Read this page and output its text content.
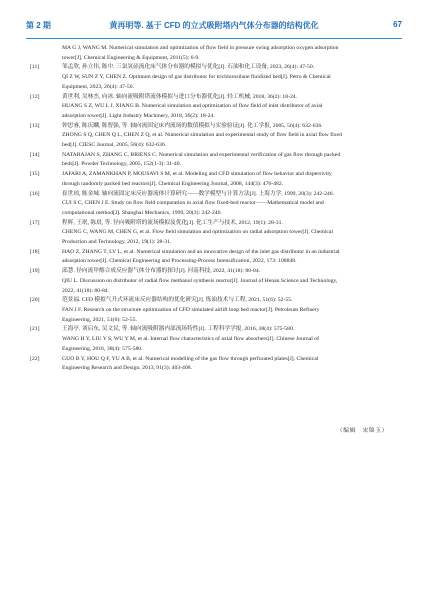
第 2 期	黄再明等. 基于 CFD 的立式吸附塔内气体分布器的结构优化	67
MA G J, WANG M. Numerical simulation and optimization of flow field in pressure swing adsorption oxygen adsorption
tower[J]. Chemical Engineering & Equipment, 2011(5): 6-9.
[11]	邹孟欣, 孙立伟, 陈中. 三氯氢硅流化床气体分布器的模拟与优化[J]. 石油和化工设备, 2023, 26(4): 47-50.
QI Z W, SUN Z Y, CHEN Z. Optimum design of gas distributor for trichlorosilane fluidized bed[J]. Petro & Chemical
Equipment, 2023, 26(4): 47-50.
[12]	黄世利, 吴林杰, 向冰. 轴向流吸附塔流体模拟与进口分布器优化[J]. 轻工机械, 2018, 36(2): 18-24.
HUANG S Z, WU L J, XIANG B. Numerical simulation and optimization of flow field of inlet distributor of axial
adsorption tower[J]. Light Industry Machinery, 2018, 36(2): 18-24.
[13]	钟思睿, 陈庆麟, 陈智强, 等. 轴向流固定床内流场的数值模拟与实验验证[J]. 化工学报, 2005, 56(4): 632-636.
ZHONG S Q, CHEN Q L, CHEN Z Q, et al. Numerical simulation and experimental study of flow field in axial flow fixed
bed[J]. CIESC Journal, 2005, 56(4): 632-636.
[14]	NATARAJAN S, ZHANG C, BRIENS C. Numerical simulation and experimental verification of gas flow through packed
beds[J]. Powder Technology, 2005, 152(1-3): 31-40.
[15]	JAFARI A, ZAMANKHAN P, MOUSAVI S M, et al. Modeling and CFD simulation of flow behavior and dispersivity
through randomly packed bed reactors[J]. Chemical Engineering Journal, 2008, 144(3): 476-482.
[16]	崔世琼, 陈金城. 轴向流固定床反应器流体计算研究——数学模型与计算方法[J]. 上海力学, 1999, 20(3): 242-246.
CUI S C, CHEN J E. Study on flow field computation in axial flow fixed-bed reactor——Mathematical model and
computational method[J]. Shanghai Mechanics, 1999, 20(3): 242-246.
[17]	程辉, 王珉, 陈晨, 等. 径向吸附塔的流场模拟及优化[J]. 化工生产与技术, 2012, 19(1): 28-31.
CHENG C, WANG M, CHEN G, et al. Flow field simulation and optimization on radial adsorption tower[J]. Chemical
Production and Technology, 2012, 19(1): 28-31.
[18]	HAO Z, ZHANG T, LV L, et al. Numerical simulation and an innovative design of the inlet gas distributor in an industrial
adsorption tower[J]. Chemical Engineering and Processing-Process Intensification, 2022, 173: 108848.
[19]	邱慧. 径向流甲醇合成反应器气体分布器的探讨[J]. 河南科技, 2022, 41(18): 80-84.
QIU L. Discussion on distributor of radial flow methanol synthesis reactor[J]. Journal of Henan Science and Technology,
2022, 41(18): 80-84.
[20]	范景福. CFD 模拟气升式环流床反应器结构的优化研究[J]. 炼油技术与工程, 2021, 51(6): 52-55.
FAN J F. Research on the structure optimization of CFD simulated airlift loop bed reactor[J]. Petroleum Refinery
Engineering, 2021, 51(6): 52-55.
[21]	王海亭, 刘启东, 吴文民, 等. 轴向流吸附器内部流场特性[J]. 工程科学学报, 2016, 38(4): 575-580.
WANG H Y, LIU Y S, WU Y M, et al. Internal flow characteristics of axial flow absorbers[J]. Chinese Journal of
Engineering, 2016, 38(4): 575-580.
[22]	GUO B Y, HOU Q F, YU A B, et al. Numerical modelling of the gas flow through perforated plates[J]. Chemical
Engineering Research and Design, 2013, 91(3): 403-408.
（编辑　宋锦玉）
